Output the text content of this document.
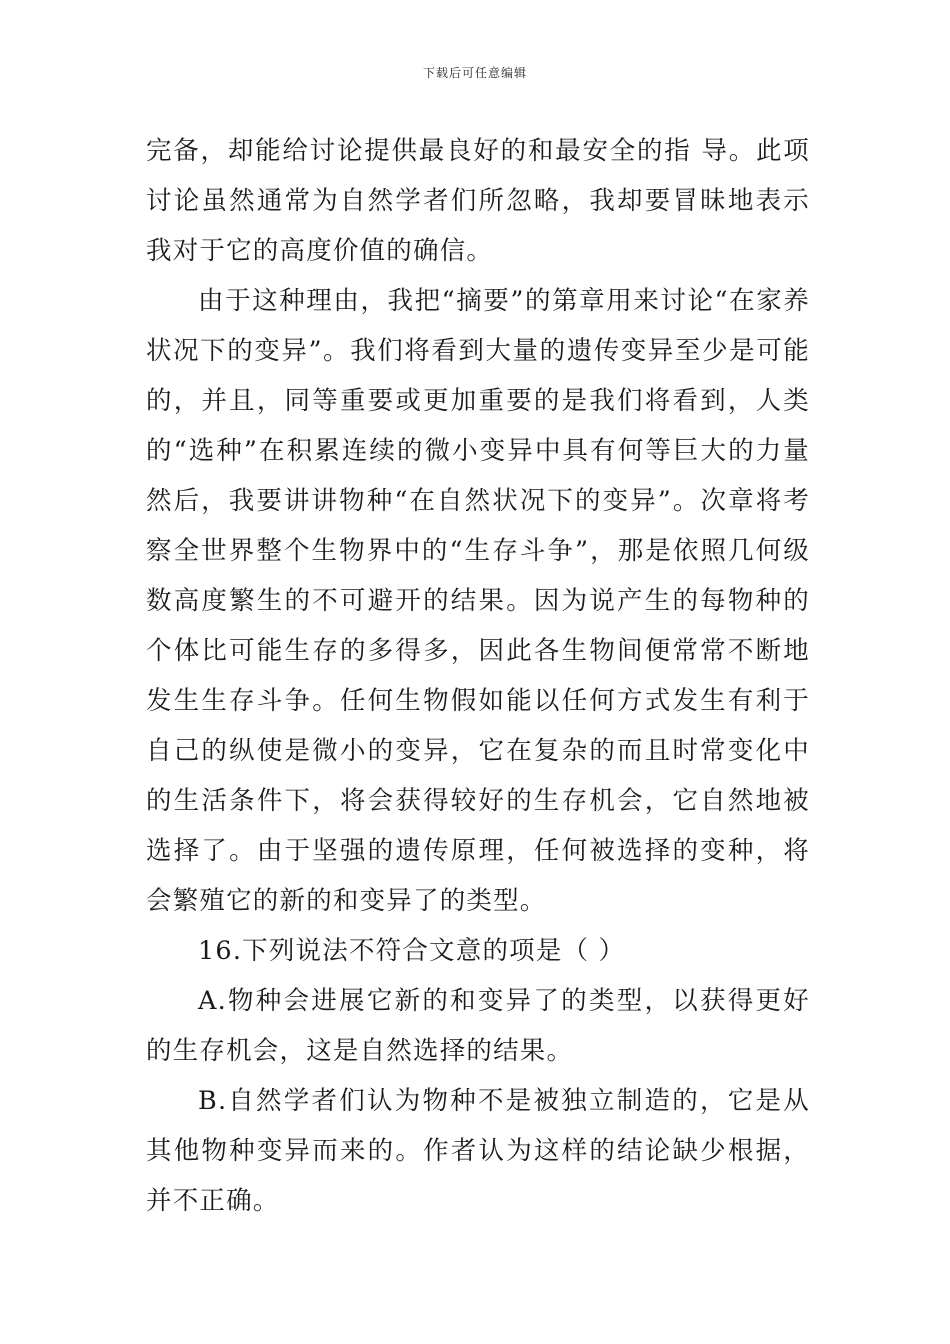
下载后可任意编辑

完备，却能给讨论提供最良好的和最安全的指 导。此项讨论虽然通常为自然学者们所忽略，我却要冒昧地表示我对于它的高度价值的确信。

由于这种理由，我把“摘要”的第章用来讨论“在家养状况下的变异”。我们将看到大量的遗传变异至少是可能的，并且，同等重要或更加重要的是我们将看到，人类的“选种”在积累连续的微小变异中具有何等巨大的力量然后，我要讲讲物种“在自然状况下的变异”。次章将考察全世界整个生物界中的“生存斗争”，那是依照几何级数高度繁生的不可避开的结果。因为说产生的每物种的个体比可能生存的多得多，因此各生物间便常常不断地发生生存斗争。任何生物假如能以任何方式发生有利于自己的纵使是微小的变异，它在复杂的而且时常变化中的生活条件下，将会获得较好的生存机会，它自然地被选择了。由于坚强的遗传原理，任何被选择的变种，将会繁殖它的新的和变异了的类型。

16.下列说法不符合文意的项是（ ）

A.物种会进展它新的和变异了的类型，以获得更好的生存机会，这是自然选择的结果。

B.自然学者们认为物种不是被独立制造的，它是从其他物种变异而来的。作者认为这样的结论缺少根据，并不正确。
